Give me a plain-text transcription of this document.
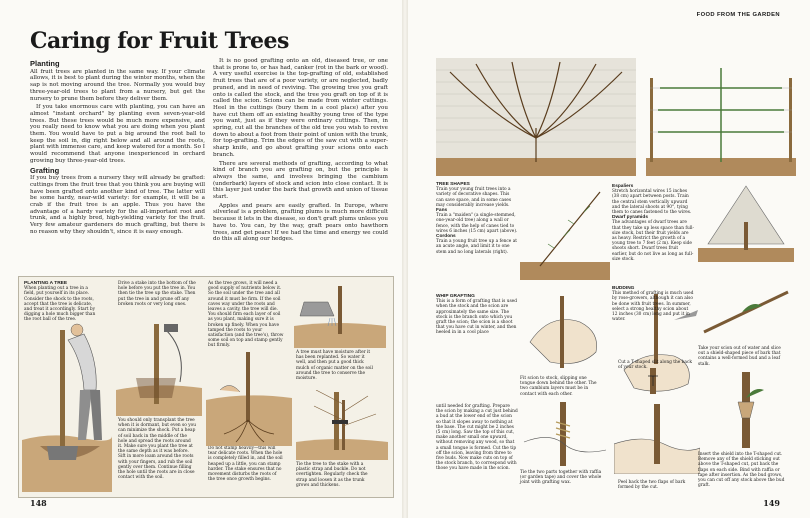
Caring for Fruit Trees
Planting

All fruit trees are planted in the same way. If your climate allows, it is best to plant during the winter months, when the sap is not moving around the tree. Normally you would buy three-year-old trees to plant from a nursery, but get the nursery to prune them before they deliver them.

If you take enormous care with planting, you can have an almost "instant orchard" by planting even seven-year-old trees. But these trees would be much more expensive, and you really need to know what you are doing when you plant them. You would have to put a big around the root ball to keep the soil in, dig right below and all around the roots, plant with immense care, and keep watered for a month. So I would recommend that anyone inexperienced in orchard growing buy three-year-old trees.

Grafting

If you buy trees from a nursery they will already be grafted: cuttings from the fruit tree that you think you are buying will have been grafted onto another kind of tree. The latter will be some hardy, near-wild variety: for example, it will be a crab if the fruit tree is an apple. Thus you have the advantage of a hardy variety for the all-important root and trunk, and a highly bred, high-yielding variety for the fruit. Very few amateur gardeners do much grafting, but there is no reason why they shouldn't, since it is easy enough.

It is no good grafting onto an old, diseased tree, or one that is prone to, or has had, canker (rot in the bark or wood). A very useful exercise is the top-grafting of old, established fruit trees that are of a poor variety, or are neglected, badly pruned, and in need of reviving. The growing tree you graft onto is called the stock, and the tree you graft on top of it is called the scion. Scions can be made from winter cuttings. Heel in the cuttings (bury them in a cool place) after you have cut them off an existing healthy young tree of the type you want, just as if they were ordinary cuttings. Then, in spring, cut all the branches of the old tree you wish to revive down to about a foot from their point of union with the trunk, for top-grafting. Trim the edges of the saw cut with a super-sharp knife, and go about grafting your scions onto each branch.

There are several methods of grafting, according to what kind of branch you are grafting on, but the principle is always the same, and involves bringing the cambium (underbark) layers of stock and scion into close contact. It is this layer just under the bark that growth and union of tissue start.

Apples and pears are easily grafted. In Europe, where silverleaf is a problem, grafting plums is much more difficult because it lets in the disease, so don't graft plums unless you have to. You can, by the way, graft pears onto hawthorn trees, and get pears! If we had the time and energy we could do this all along our hedges.

PLANTING A TREE
When planting out a tree in a field, put yourself in its place. Consider the shock to the roots, accept that the tree is delicate, and treat it accordingly. Start by digging a hole much bigger than the root ball of the tree.
Drive a stake into the bottom of the hole before you put the tree in. You then tie the tree up the stake. Then put the tree in and prune off any broken roots or very long ones.
As the tree grows, it will need a good supply of nutrients below it. So the soil under the tree and all around it must be firm. If the soil caves way under the roots and leaves a cavity, the tree will die. You should firm each layer of soil as you plant, making sure it is broken up finely. When you have tamped the roots to your satisfaction (and the tree's), throw some soil on top and stamp gently but firmly.
A tree must have moisture after it has been replanted. So water it well, and then put a good thick mulch of organic matter on the soil around the tree to conserve the moisture.
You should only transplant the tree when it is dormant, but even so you can minimize the shock. Put a heap of soil back in the middle of the hole and spread the roots around it. Make sure you plant the tree at the same depth as it was before. Sift in more loam around the roots with your fingers, and rub the soil gently over them. Continue filling the hole until the roots are in close contact with the soil.
Do not stamp heavily—this will tear delicate roots. When the hole is completely filled in, and the soil heaped up a little, you can stamp harder. The stake ensures that no movement disturbs the roots of the tree once growth begins.
Tie the tree to the stake with a plastic strap and buckle. Do not overtighten. Regularly check the strap and loosen it as the trunk grows and thickens.
148
FOOD FROM THE GARDEN
TREE SHAPES
Train your young fruit trees into a variety of decorative shapes. This can save space, and in some cases may considerably increase yields.
Fans
Train a "maiden" (a single-stemmed, one-year-old tree) along a wall or fence, with the help of canes tied to wires 6 inches (15 cm) apart (above).
Cordons
Train a young fruit tree up a fence at an acute angle, and limit it to one stem and no long laterals (right).
WHIP GRAFTING
This is a form of grafting that is used when the stock and the scion are approximately the same size. The stock is the branch onto which you graft the scion; the scion is a shoot that you have cut in winter, and then heeled in in a cool place
Fit scion to stock, slipping one tongue down behind the other. The two cambium layers must be in contact with each other.
until needed for grafting. Prepare the scion by making a cut just behind a bud at the lower end of the scion so that it slopes away to nothing at the base. The cut might be 2 inches (5 cm) long. Saw the top of this cut, make another small one upward, without removing any wood, so that a small tongue is formed. Cut the tip off the scion, leaving from three to five buds. Now make cuts on top of the stock branch, to correspond with those you have made in the scion.
Tie the two parts together with raffia (or garden tape) and cover the whole joint with grafting wax.
Espaliers
Stretch horizontal wires 15 inches (38 cm) apart between posts. Train the central stem vertically upward and the lateral shoots at 90°, tying them to canes fastened to the wires.
Dwarf pyramids
The advantages of dwarf trees are that they take up less space than full-size stock, but their fruit yields are as heavy. Restrict the growth of a young tree to 7 feet (2 m). Keep side shoots short. Dwarf trees fruit earlier, but do not live as long as full-size stock.
BUDDING
This method of grafting is much used by rose-growers, although it can also be done with fruit trees. In summer, select a strong healthy scion about 12 inches (30 cm) long and put it in water.
Take your scion out of water and slice out a shield-shaped piece of bark that contains a well-formed bud and a leaf stalk.
Cut a T-shaped slit along the back of your stock.
Peel back the two flaps of bark formed by the cut.
Insert the shield into the T-shaped cut. Remove any of the shield sticking out above the T-shaped cut, put back the flaps on each side. Bind with raffia or tape after insertion. As the bud grows, you can cut off any stock above the bud graft.
149
